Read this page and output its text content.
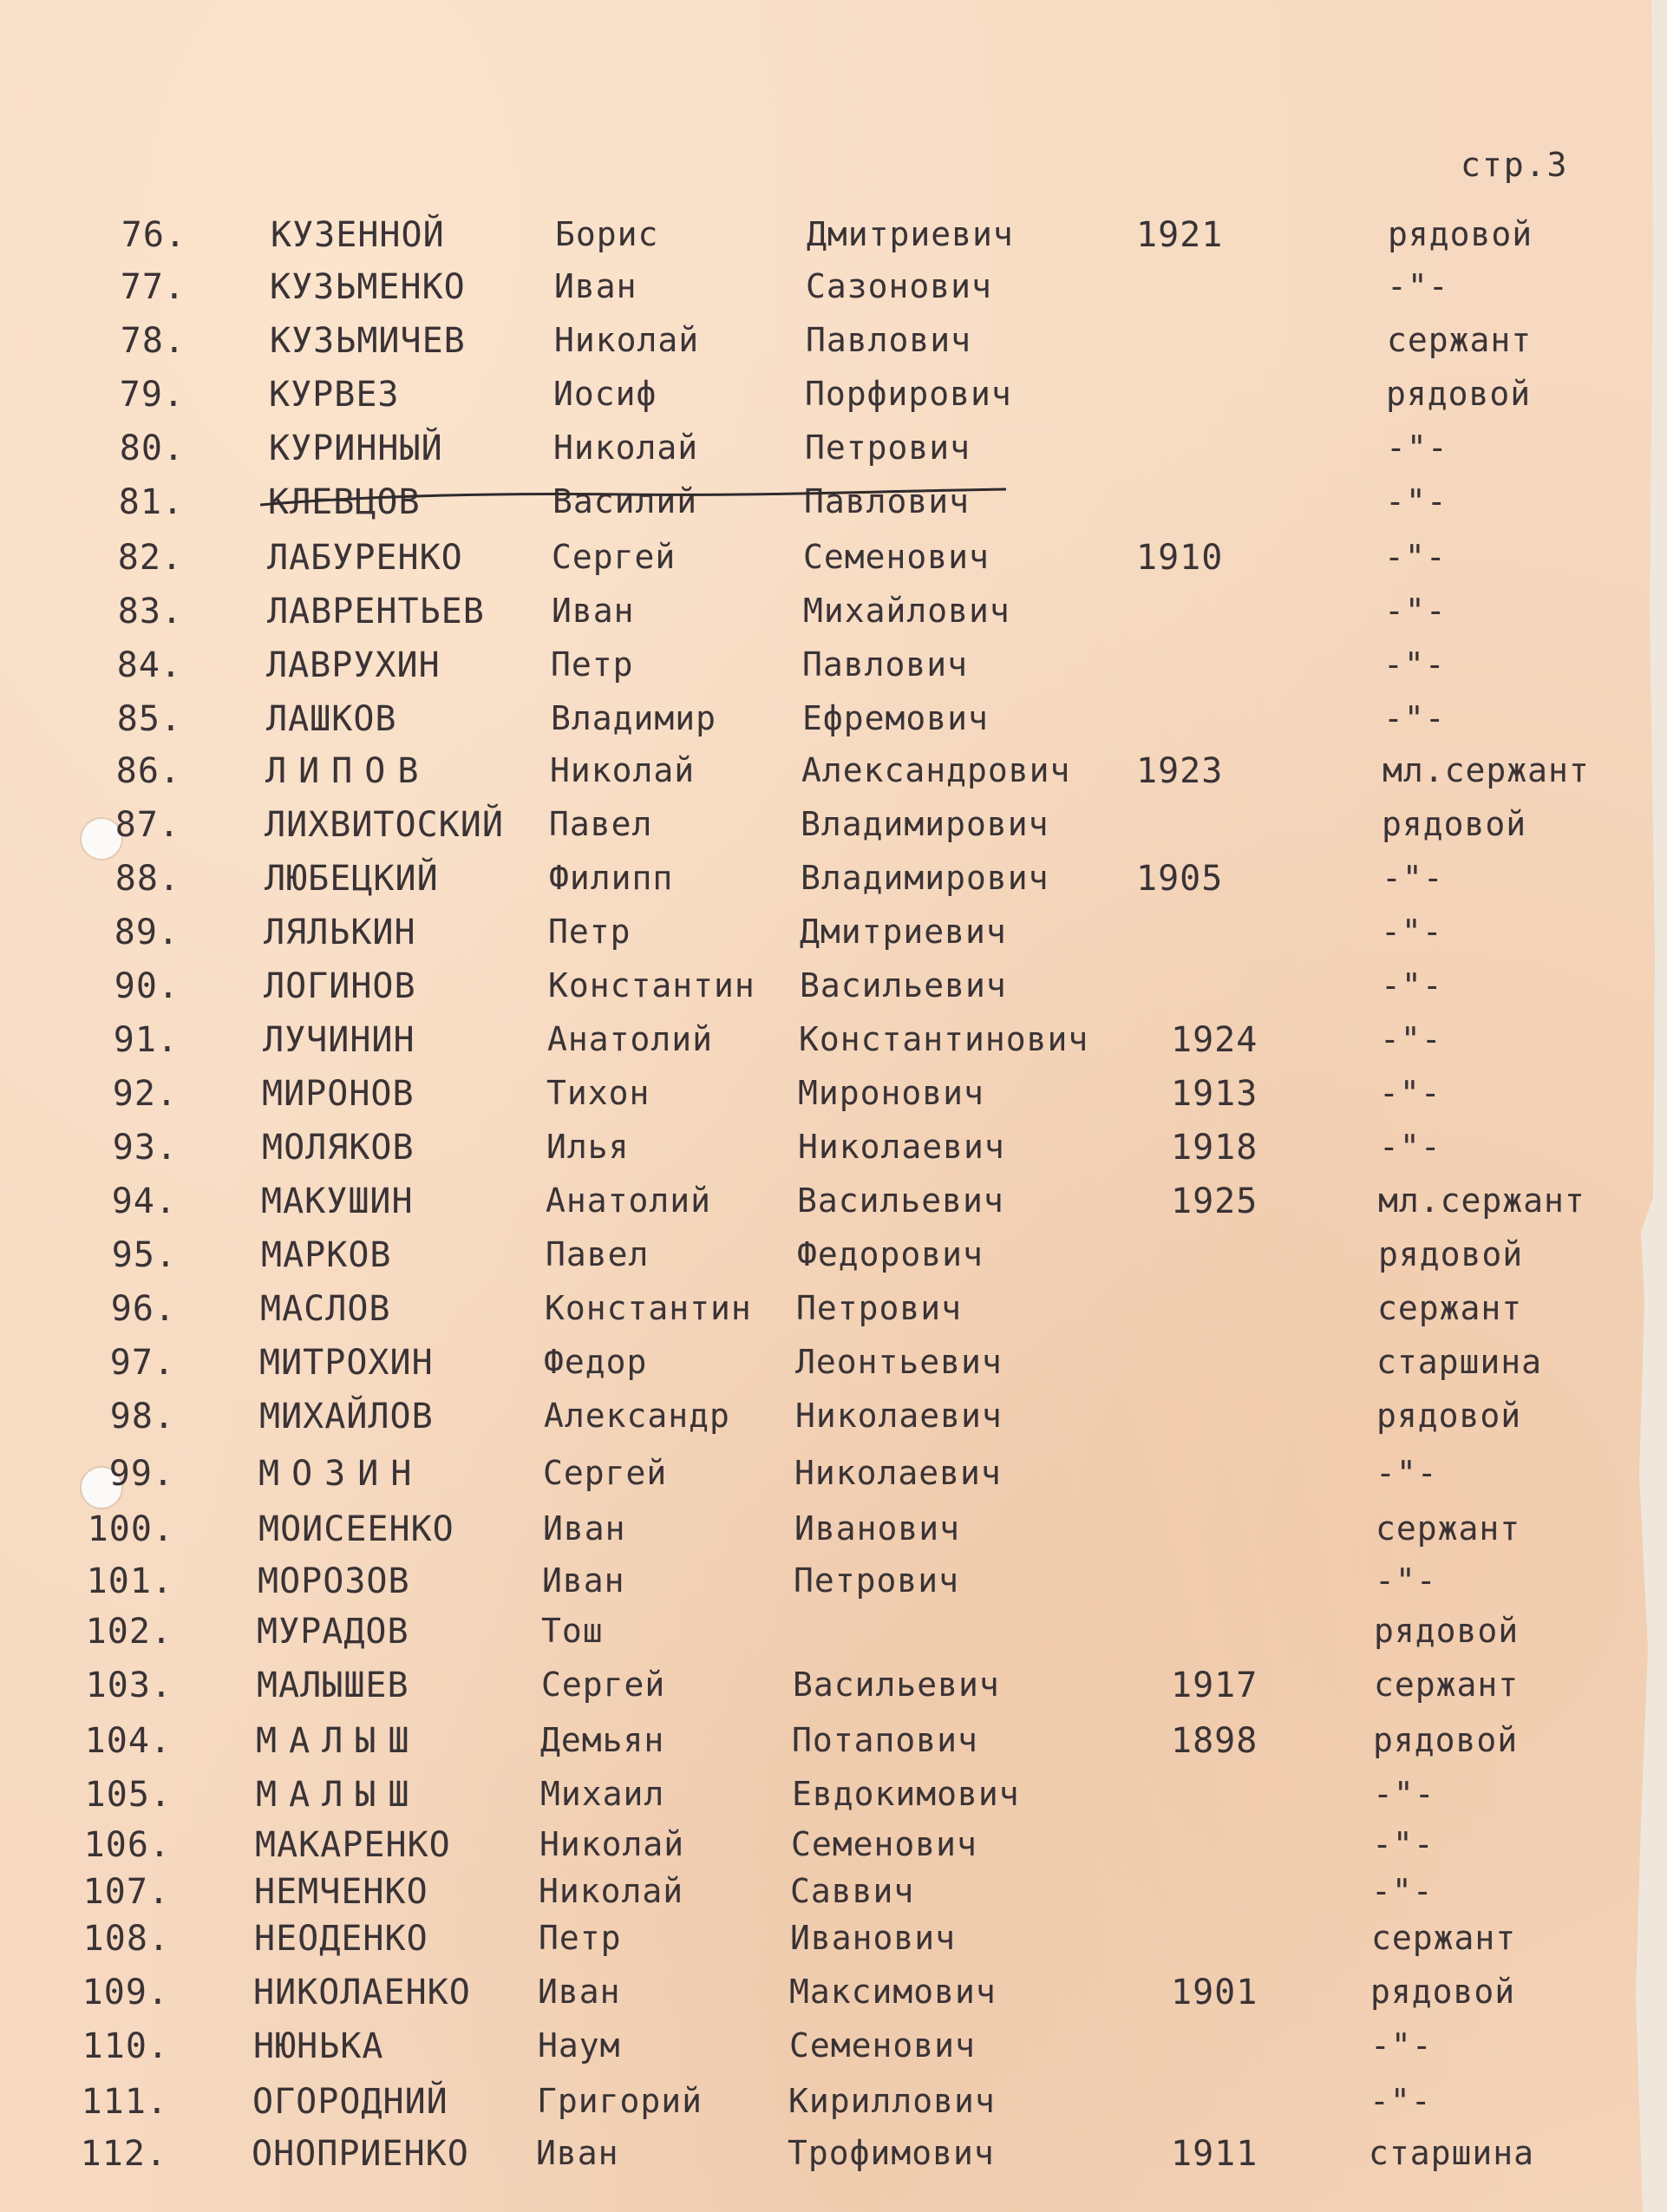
стр.3
76. КУЗЕННОЙ	Борис	Дмитриевич	1921	рядовой
77. КУЗЬМЕНКО	Иван	Сазонович	-"-
78. КУЗЬМИЧЕВ	Николай	Павлович	сержант
79. КУРВЕЗ	Иосиф	Порфирович	рядовой
80. КУРИННЫЙ	Николай	Петрович	-"-
81. КЛЕВЦОВ	Василий	Павлович	-"-
82. ЛАБУРЕНКО	Сергей	Семенович	1910	-"-
83. ЛАВРЕНТЬЕВ	Иван	Михайлович	-"-
84. ЛАВРУХИН	Петр	Павлович	-"-
85. ЛАШКОВ	Владимир	Ефремович	-"-
86. ЛИПОВ	Николай	Александрович	1923	мл.сержант
87. ЛИХВИТОСКИЙ	Павел	Владимирович	рядовой
88. ЛЮБЕЦКИЙ	Филипп	Владимирович	1905	-"-
89. ЛЯЛЬКИН	Петр	Дмитриевич	-"-
90. ЛОГИНОВ	Константин	Васильевич	-"-
91. ЛУЧИНИН	Анатолий	Константинович	1924	-"-
92. МИРОНОВ	Тихон	Миронович	1913	-"-
93. МОЛЯКОВ	Илья	Николаевич	1918	-"-
94. МАКУШИН	Анатолий	Васильевич	1925	мл.сержант
95. МАРКОВ	Павел	Федорович	рядовой
96. МАСЛОВ	Константин	Петрович	сержант
97. МИТРОХИН	Федор	Леонтьевич	старшина
98. МИХАЙЛОВ	Александр	Николаевич	рядовой
99. МОЗИН	Сергей	Николаевич	-"-
100. МОИСЕЕНКО	Иван	Иванович	сержант
101. МОРОЗОВ	Иван	Петрович	-"-
102. МУРАДОВ	Тош	рядовой
103. МАЛЫШЕВ	Сергей	Васильевич	1917	сержант
104. МАЛЫШ	Демьян	Потапович	1898	рядовой
105. МАЛЫШ	Михаил	Евдокимович	-"-
106. МАКАРЕНКО	Николай	Семенович	-"-
107. НЕМЧЕНКО	Николай	Саввич	-"-
108. НЕОДЕНКО	Петр	Иванович	сержант
109. НИКОЛАЕНКО	Иван	Максимович	1901	рядовой
110. НЮНЬКА	Наум	Семенович	-"-
111. ОГОРОДНИЙ	Григорий	Кириллович	-"-
112. ОНОПРИЕНКО	Иван	Трофимович	1911	старшина
